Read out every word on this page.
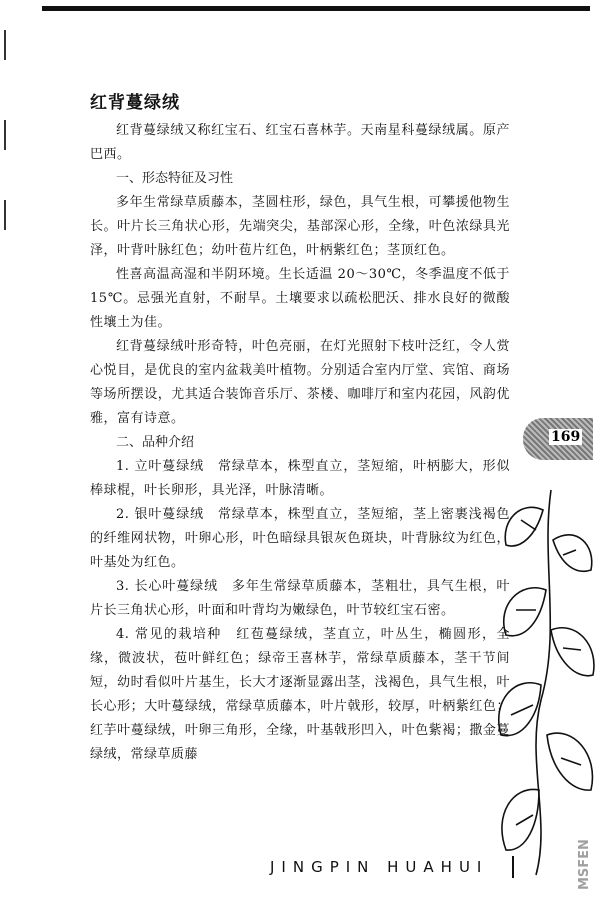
红背蔓绿绒

红背蔓绿绒又称红宝石、红宝石喜林芋。天南星科蔓绿绒属。原产巴西。

一、形态特征及习性

多年生常绿草质藤本，茎圆柱形，绿色，具气生根，可攀援他物生长。叶片长三角状心形，先端突尖，基部深心形，全缘，叶色浓绿具光泽，叶背叶脉红色；幼叶苞片红色，叶柄紫红色；茎顶红色。

性喜高温高湿和半阴环境。生长适温 20～30℃，冬季温度不低于15℃。忌强光直射，不耐旱。土壤要求以疏松肥沃、排水良好的微酸性壤土为佳。

红背蔓绿绒叶形奇特，叶色亮丽，在灯光照射下枝叶泛红，令人赏心悦目，是优良的室内盆栽美叶植物。分别适合室内厅堂、宾馆、商场等场所摆设，尤其适合装饰音乐厅、茶楼、咖啡厅和室内花园，风韵优雅，富有诗意。

二、品种介绍

1. 立叶蔓绿绒　常绿草本，株型直立，茎短缩，叶柄膨大，形似棒球棍，叶长卵形，具光泽，叶脉清晰。

2. 银叶蔓绿绒　常绿草本，株型直立，茎短缩，茎上密裹浅褐色的纤维网状物，叶卵心形，叶色暗绿具银灰色斑块，叶背脉纹为红色，叶基处为红色。

3. 长心叶蔓绿绒　多年生常绿草质藤本，茎粗壮，具气生根，叶片长三角状心形，叶面和叶背均为嫩绿色，叶节较红宝石密。

4. 常见的栽培种　红苞蔓绿绒，茎直立，叶丛生，椭圆形，全缘，微波状，苞叶鲜红色；绿帝王喜林芋，常绿草质藤本，茎干节间短，幼时看似叶片基生，长大才逐渐显露出茎，浅褐色，具气生根，叶长心形；大叶蔓绿绒，常绿草质藤本，叶片戟形，较厚，叶柄紫红色；红芋叶蔓绿绒，叶卵三角形，全缘，叶基戟形凹入，叶色紫褐；撒金蔓绿绒，常绿草质藤

169
JINGPIN HUAHUI	MSFEN
